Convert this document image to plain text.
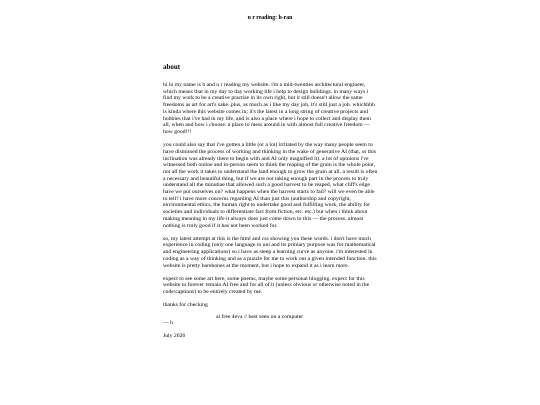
u r reading: h-ran
about

hi hi my name is h and u r reading my website. i'm a mid-twenties architectural engineer, which means that in my day to day working life i help to design buildings. in many ways i find my work to be a creative practise in its own right, but it still doesn't allow the same freedoms as art for art's sake. plus, as much as i like my day job, it's still just a job. whichhhh is kinda where this website comes in; it's the latest in a long string of creative projects and hobbies that i've had in my life, and is also a place where i hope to collect and display them all, when and how i choose. a place to mess around in with almost full creative freedom — how good!!!

you could also say that i've gotten a little (or a lot) irritated by the way many people seem to have dismissed the process of working and thinking in the wake of generative AI (that, or this inclination was already there to begin with and AI only magnified it). a lot of opinions i've witnessed both online and in-person seem to think the reaping of the grain is the whole point, not all the work it takes to understand the land enough to grow the grain at all. a result is often a necessary and beautiful thing, but if we are not taking enough part in the process to truly understand all the minutiae that allowed such a good harvest to be reaped, what cliff's edge have we put ourselves on? what happens when the harvest starts to fail? will we even be able to tell? i have more concerns regarding AI than just this (authorship and copyright, environmental ethics, the human right to undertake good and fulfilling work, the ability for societies and individuals to differentiate fact from fiction, etc. etc.) but when i think about making meaning in my life it always does just come down to this — the process. almost nothing is truly good if it has not been worked for.

so, my latest attempt at this is the html and css showing you these words. i don't have much experience in coding (only one language in uni and its primary purpose was for mathematical and engineering applications) so i have as steep a learning curve as anyone. i'm interested in coding as a way of thinking and as a puzzle for me to work out a given intended function. this website is pretty barebones at the moment, but i hope to expand it as i learn more.

expect to see some art here, some poems, maybe some personal blogging. expect for this website to forever remain AI free and for all of it (unless obvious or otherwise noted in the code/captions) to be entirely created by me.

thanks for checking

— h
ai free 4eva // best seen on a computer
July 2026
